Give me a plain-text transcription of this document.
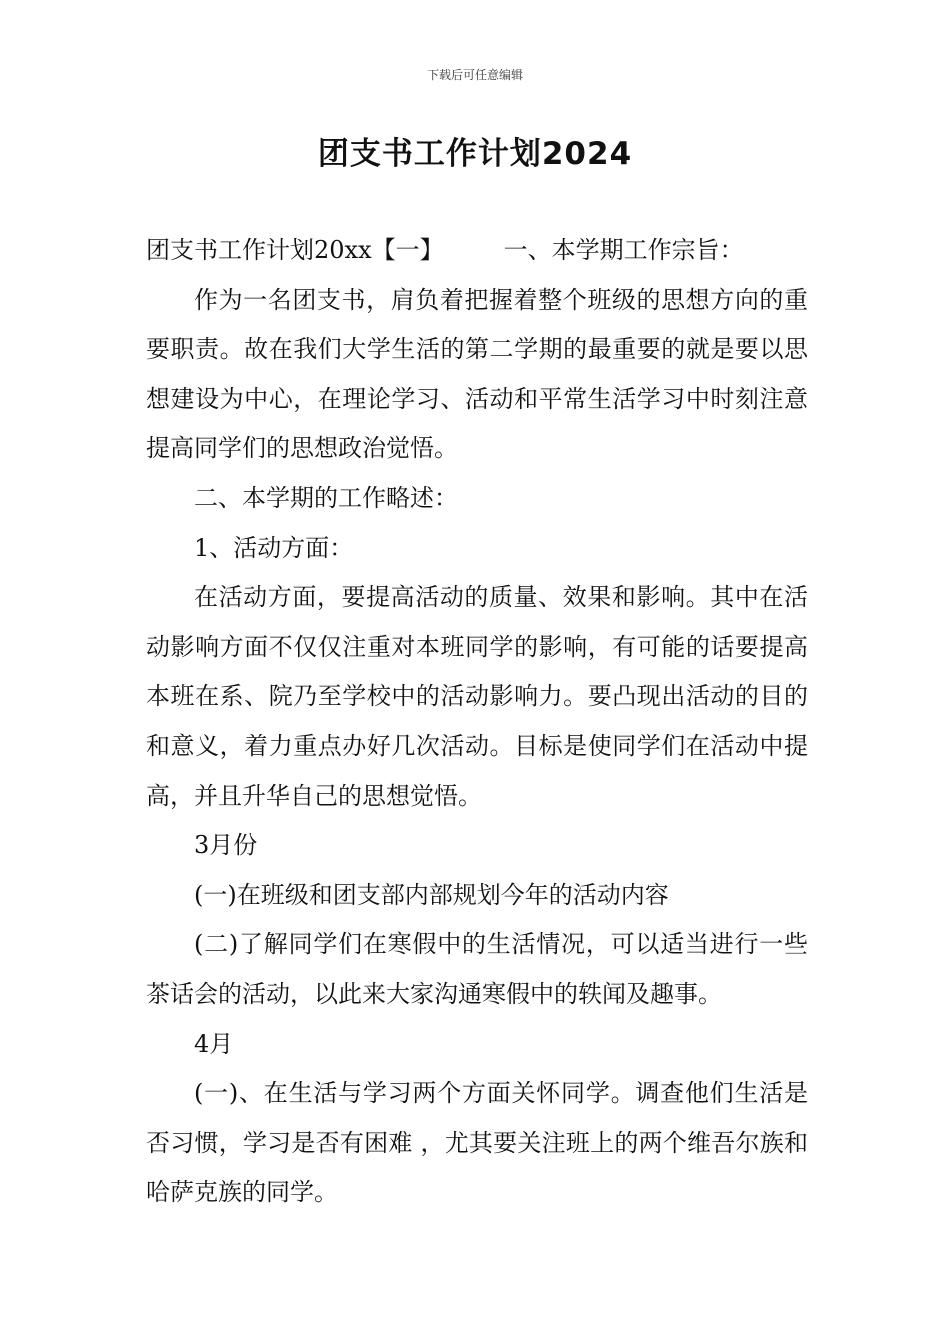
下载后可任意编辑
团支书工作计划2024

团支书工作计划20xx【一】	一、本学期工作宗旨：

作为一名团支书，肩负着把握着整个班级的思想方向的重要职责。故在我们大学生活的第二学期的最重要的就是要以思想建设为中心，在理论学习、活动和平常生活学习中时刻注意提高同学们的思想政治觉悟。

二、本学期的工作略述：

1、活动方面：

在活动方面，要提高活动的质量、效果和影响。其中在活动影响方面不仅仅注重对本班同学的影响，有可能的话要提高本班在系、院乃至学校中的活动影响力。要凸现出活动的目的和意义，着力重点办好几次活动。目标是使同学们在活动中提高，并且升华自己的思想觉悟。

3月份

(一)在班级和团支部内部规划今年的活动内容

(二)了解同学们在寒假中的生活情况，可以适当进行一些茶话会的活动，以此来大家沟通寒假中的轶闻及趣事。

4月

(一)、在生活与学习两个方面关怀同学。调查他们生活是否习惯，学习是否有困难 ，尤其要关注班上的两个维吾尔族和哈萨克族的同学。
